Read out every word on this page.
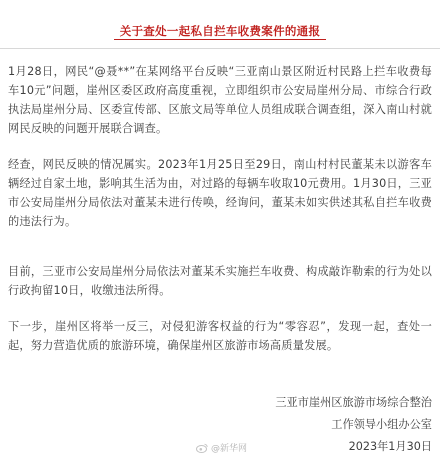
关于查处一起私自拦车收费案件的通报
1月28日，网民“@聂**”在某网络平台反映“三亚南山景区附近村民路上拦车收费每车10元”问题，崖州区委区政府高度重视，立即组织市公安局崖州分局、市综合行政执法局崖州分局、区委宣传部、区旅文局等单位人员组成联合调查组，深入南山村就网民反映的问题开展联合调查。
经查，网民反映的情况属实。2023年1月25日至29日，南山村村民董某未以游客车辆经过自家土地，影响其生活为由，对过路的每辆车收取10元费用。1月30日，三亚市公安局崖州分局依法对董某未进行传唤，经询问，董某未如实供述其私自拦车收费的违法行为。
目前，三亚市公安局崖州分局依法对董某禾实施拦车收费、构成敲诈勒索的行为处以行政拘留10日，收缴违法所得。
下一步，崖州区将举一反三，对侵犯游客权益的行为“零容忍”，发现一起，查处一起，努力营造优质的旅游环境，确保崖州区旅游市场高质量发展。
三亚市崖州区旅游市场综合整治
工作领导小组办公室
2023年1月30日
@新华网
